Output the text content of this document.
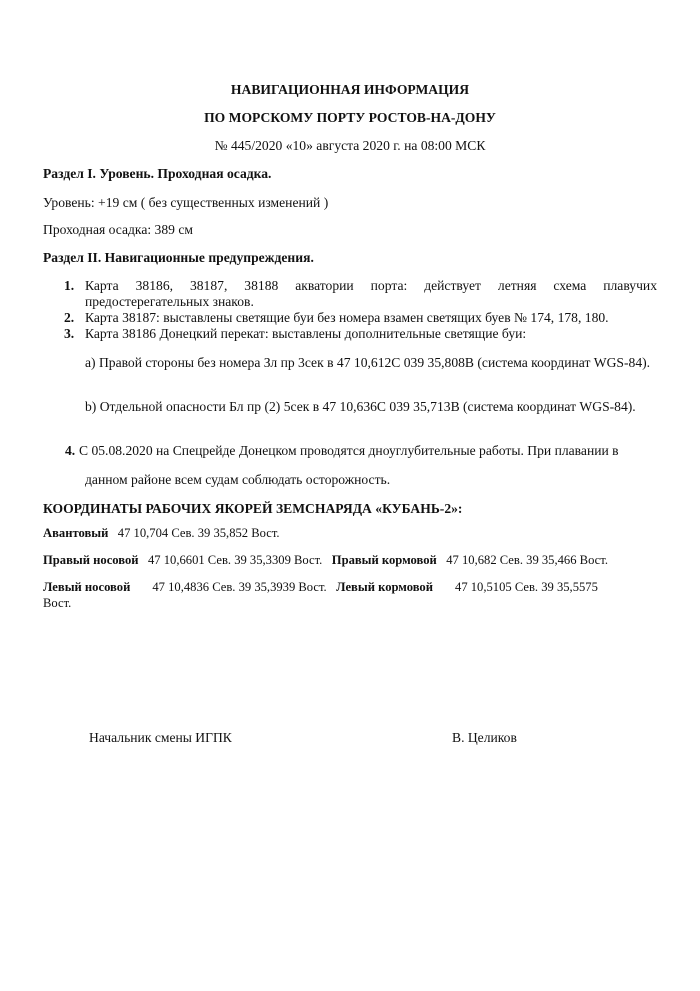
НАВИГАЦИОННАЯ ИНФОРМАЦИЯ
ПО МОРСКОМУ ПОРТУ РОСТОВ-НА-ДОНУ
№ 445/2020 «10» августа 2020 г. на 08:00 МСК
Раздел I. Уровень. Проходная осадка.
Уровень: +19 см ( без существенных изменений )
Проходная осадка: 389 см
Раздел II. Навигационные предупреждения.
1. Карта 38186, 38187, 38188 акватории порта: действует летняя схема плавучих предостерегательных знаков.
2. Карта 38187: выставлены светящие буи без номера взамен светящих буев № 174, 178, 180.
3. Карта 38186 Донецкий перекат: выставлены дополнительные светящие буи:
а) Правой стороны без номера Зл пр 3сек в 47 10,612С 039 35,808В (система координат WGS-84).
b) Отдельной опасности Бл пр (2) 5сек в 47 10,636С 039 35,713В (система координат WGS-84).
4. С 05.08.2020 на Спецрейде Донецком проводятся дноуглубительные работы. При плавании в
данном районе всем судам соблюдать осторожность.
КООРДИНАТЫ РАБОЧИХ ЯКОРЕЙ ЗЕМСНАРЯДА «КУБАНЬ-2»:
Авантовый 47 10,704 Сев. 39 35,852 Вост.
Правый носовой 47 10,6601 Сев. 39 35,3309 Вост. Правый кормовой 47 10,682 Сев. 39 35,466 Вост.
Левый носовой 47 10,4836 Сев. 39 35,3939 Вост. Левый кормовой 47 10,5105 Сев. 39 35,5575
Вост.
Начальник смены ИГПК	В. Целиков
